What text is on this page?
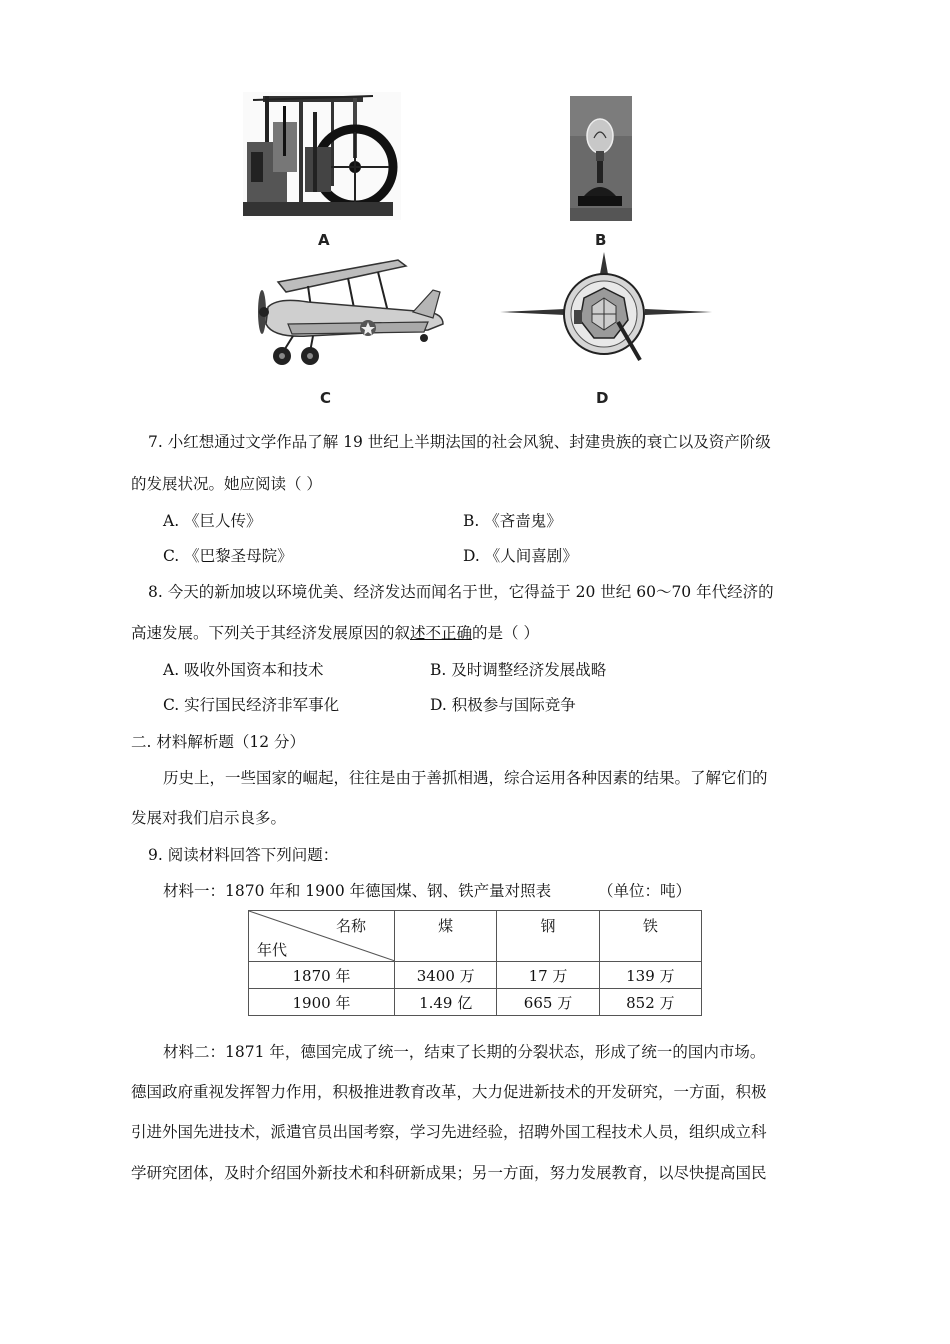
A	B
C	D
7. 小红想通过文学作品了解 19 世纪上半期法国的社会风貌、封建贵族的衰亡以及资产阶级
的发展状况。她应阅读（ ）
A. 《巨人传》	B. 《吝啬鬼》
C. 《巴黎圣母院》	D. 《人间喜剧》
8. 今天的新加坡以环境优美、经济发达而闻名于世，它得益于 20 世纪 60～70 年代经济的
高速发展。下列关于其经济发展原因的叙述不正确的是（ ）
A. 吸收外国资本和技术	B. 及时调整经济发展战略
C. 实行国民经济非军事化	D. 积极参与国际竞争
二. 材料解析题（12 分）
历史上，一些国家的崛起，往往是由于善抓相遇，综合运用各种因素的结果。了解它们的
发展对我们启示良多。
9. 阅读材料回答下列问题：
材料一：1870 年和 1900 年德国煤、钢、铁产量对照表	（单位：吨）
名称
年代	煤	钢	铁
1870 年	3400 万	17 万	139 万
1900 年	1.49 亿	665 万	852 万
材料二：1871 年，德国完成了统一，结束了长期的分裂状态，形成了统一的国内市场。
德国政府重视发挥智力作用，积极推进教育改革，大力促进新技术的开发研究，一方面，积极
引进外国先进技术，派遣官员出国考察，学习先进经验，招聘外国工程技术人员，组织成立科
学研究团体，及时介绍国外新技术和科研新成果；另一方面，努力发展教育，以尽快提高国民
